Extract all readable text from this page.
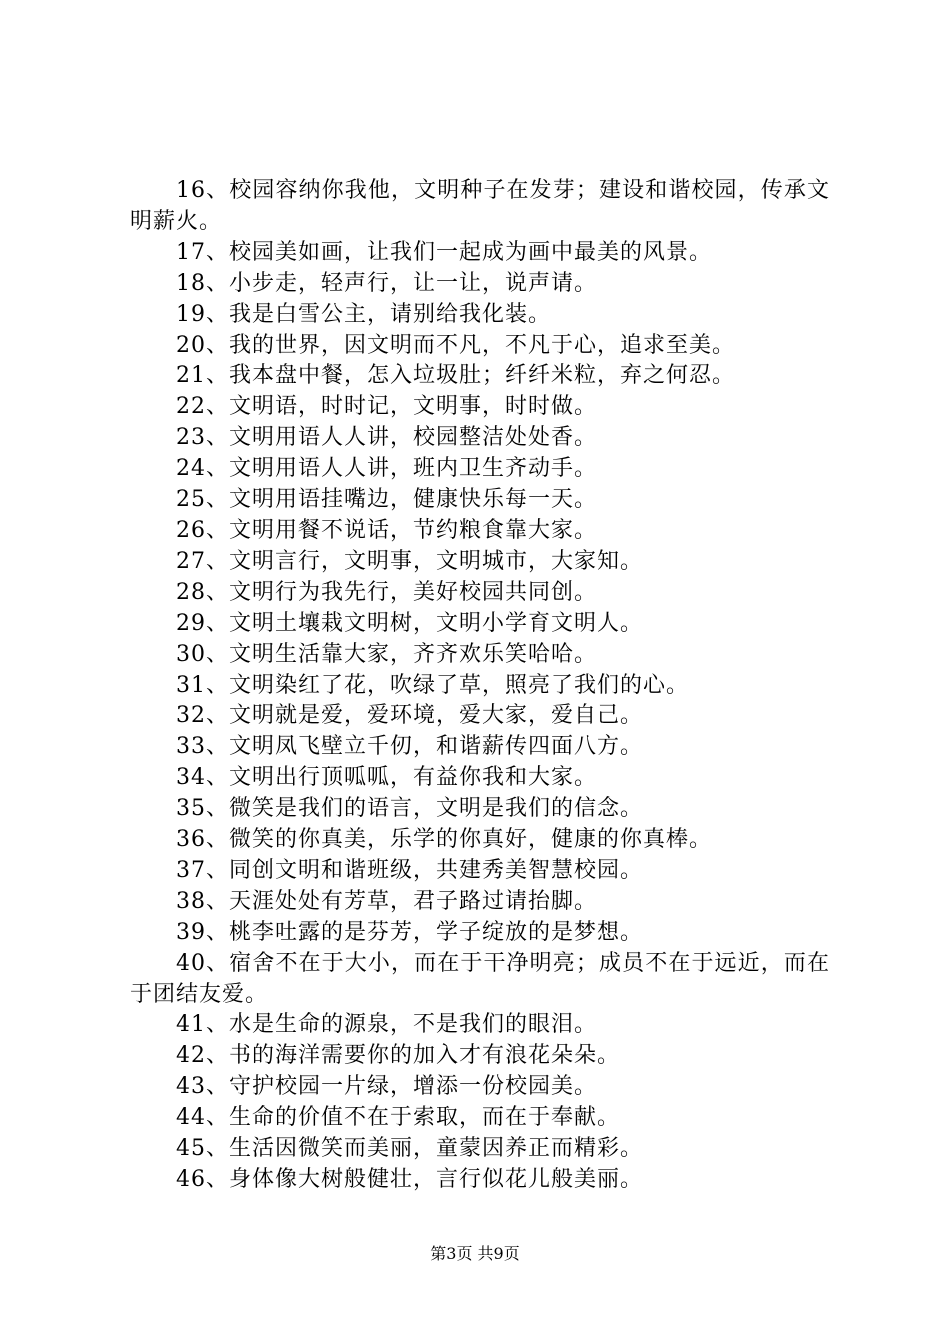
16、校园容纳你我他，文明种子在发芽；建设和谐校园，传承文明薪火。

17、校园美如画，让我们一起成为画中最美的风景。

18、小步走，轻声行，让一让，说声请。

19、我是白雪公主，请别给我化装。

20、我的世界，因文明而不凡，不凡于心，追求至美。

21、我本盘中餐，怎入垃圾肚；纤纤米粒，弃之何忍。

22、文明语，时时记，文明事，时时做。

23、文明用语人人讲，校园整洁处处香。

24、文明用语人人讲，班内卫生齐动手。

25、文明用语挂嘴边，健康快乐每一天。

26、文明用餐不说话，节约粮食靠大家。

27、文明言行，文明事，文明城市，大家知。

28、文明行为我先行，美好校园共同创。

29、文明土壤栽文明树，文明小学育文明人。

30、文明生活靠大家，齐齐欢乐笑哈哈。

31、文明染红了花，吹绿了草，照亮了我们的心。

32、文明就是爱，爱环境，爱大家，爱自己。

33、文明凤飞壁立千仞，和谐薪传四面八方。

34、文明出行顶呱呱，有益你我和大家。

35、微笑是我们的语言，文明是我们的信念。

36、微笑的你真美，乐学的你真好，健康的你真棒。

37、同创文明和谐班级，共建秀美智慧校园。

38、天涯处处有芳草，君子路过请抬脚。

39、桃李吐露的是芬芳，学子绽放的是梦想。

40、宿舍不在于大小，而在于干净明亮；成员不在于远近，而在于团结友爱。

41、水是生命的源泉，不是我们的眼泪。

42、书的海洋需要你的加入才有浪花朵朵。

43、守护校园一片绿，增添一份校园美。

44、生命的价值不在于索取，而在于奉献。

45、生活因微笑而美丽，童蒙因养正而精彩。

46、身体像大树般健壮，言行似花儿般美丽。

第3页 共9页
